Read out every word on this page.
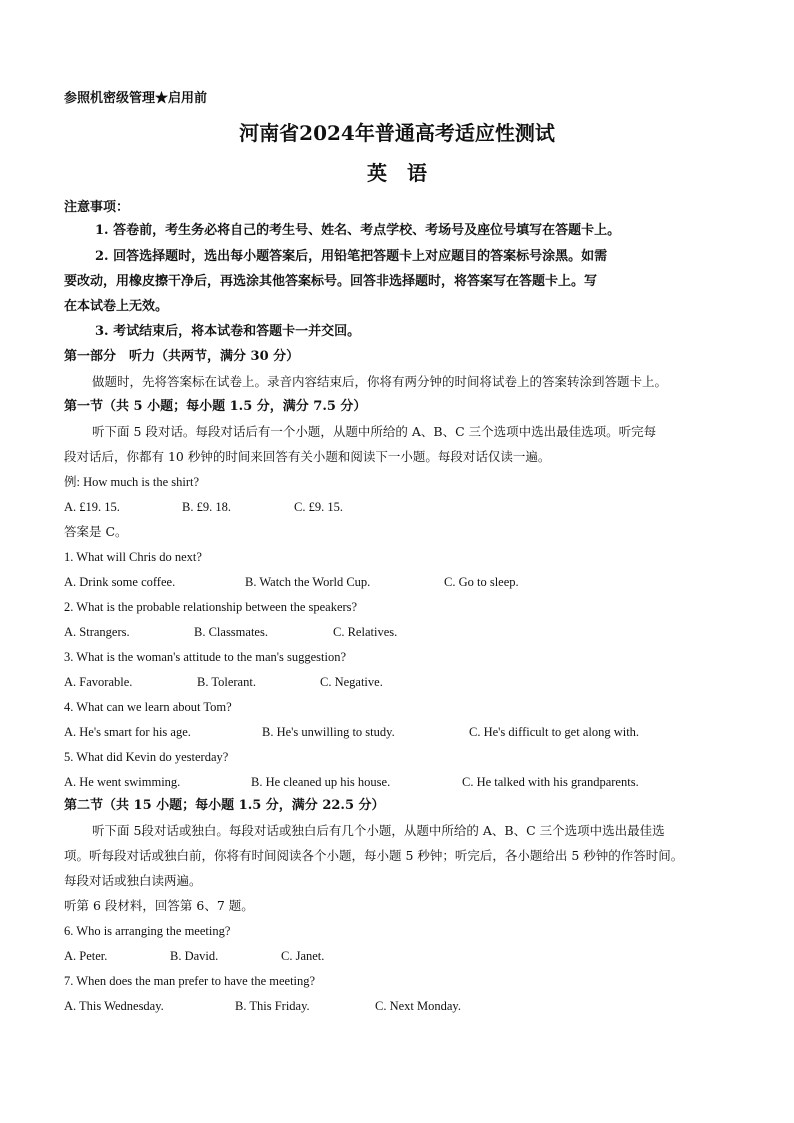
参照机密级管理★启用前
河南省2024年普通高考适应性测试
英　语
注意事项：
1. 答卷前，考生务必将自己的考生号、姓名、考点学校、考场号及座位号填写在答题卡上。
2. 回答选择题时，选出每小题答案后，用铅笔把答题卡上对应题目的答案标号涂黑。如需
要改动，用橡皮擦干净后，再选涂其他答案标号。回答非选择题时，将答案写在答题卡上。写
在本试卷上无效。
3. 考试结束后，将本试卷和答题卡一并交回。
第一部分　听力（共两节，满分 30 分）
做题时，先将答案标在试卷上。录音内容结束后，你将有两分钟的时间将试卷上的答案转涂到答题卡上。
第一节（共 5 小题；每小题 1.5 分，满分 7.5 分）
听下面 5 段对话。每段对话后有一个小题，从题中所给的 A、B、C 三个选项中选出最佳选项。听完每
段对话后，你都有 10 秒钟的时间来回答有关小题和阅读下一小题。每段对话仅读一遍。
例: How much is the shirt?
A. £19. 15.	B. £9. 18.	C. £9. 15.
答案是 C。
1. What will Chris do next?
A. Drink some coffee.	B. Watch the World Cup.	C. Go to sleep.
2. What is the probable relationship between the speakers?
A. Strangers.	B. Classmates.	C. Relatives.
3. What is the woman's attitude to the man's suggestion?
A. Favorable.	B. Tolerant.	C. Negative.
4. What can we learn about Tom?
A. He's smart for his age.	B. He's unwilling to study.	C. He's difficult to get along with.
5. What did Kevin do yesterday?
A. He went swimming.	B. He cleaned up his house.	C. He talked with his grandparents.
第二节（共 15 小题；每小题 1.5 分，满分 22.5 分）
听下面 5段对话或独白。每段对话或独白后有几个小题，从题中所给的 A、B、C 三个选项中选出最佳选
项。听每段对话或独白前，你将有时间阅读各个小题，每小题 5 秒钟；听完后，各小题给出 5 秒钟的作答时间。
每段对话或独白读两遍。
听第 6 段材料，回答第 6、7 题。
6. Who is arranging the meeting?
A. Peter.	B. David.	C. Janet.
7. When does the man prefer to have the meeting?
A. This Wednesday.	B. This Friday.	C. Next Monday.
